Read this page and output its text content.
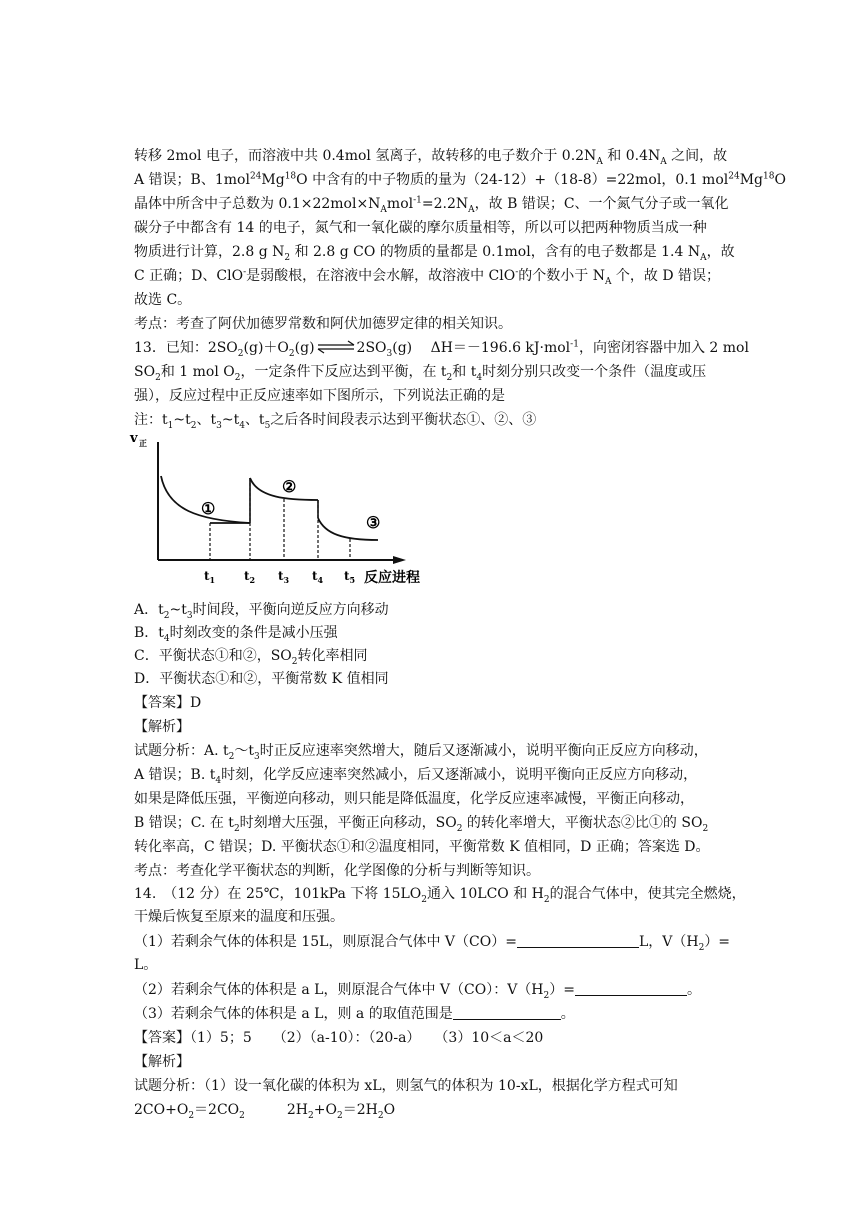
转移 2mol 电子，而溶液中共 0.4mol 氢离子，故转移的电子数介于 $0.2N_A$ 和 $0.4N_A$ 之间，故
A 错误；B、1mol$^{24}$Mg$^{18}$O 中含有的中子物质的量为（24-12）+（18-8）=22mol，0.1 mol$^{24}$Mg$^{18}$O
晶体中所含中子总数为 $0.1\times 22mol\times N_Amol^{-1}=2.2N_A$，故 B 错误；C、一个氮气分子或一氧化
碳分子中都含有 14 的电子，氮气和一氧化碳的摩尔质量相等，所以可以把两种物质当成一种
物质进行计算，2.8 g $N_2$ 和 2.8 g CO 的物质的量都是 0.1mol，含有的电子数都是 1.4 $N_A$，故
C 正确；D、ClO-是弱酸根，在溶液中会水解，故溶液中 ClO-的个数小于 $N_A$ 个，故 D 错误；
故选 C。
考点：考查了阿伏加德罗常数和阿伏加德罗定律的相关知识。
13．已知：$2SO_2(g)+O_2(g)\rightleftharpoons 2SO_3(g)$　 ΔH＝－196.6 kJ·mol$^{-1}$，向密闭容器中加入 2 mol
$SO_2$和 1 mol $O_2$，一定条件下反应达到平衡，在 $t_2$和 $t_4$时刻分别只改变一个条件（温度或压
强），反应过程中正反应速率如下图所示，下列说法正确的是
注：$t_1\sim t_2$、$t_3\sim t_4$、$t_5$之后各时间段表示达到平衡状态①、②、③
A．$t_2\sim t_3$时间段，平衡向逆反应方向移动
B．$t_4$时刻改变的条件是减小压强
C．平衡状态①和②，$SO_2$转化率相同
D．平衡状态①和②，平衡常数 K 值相同
【答案】D
【解析】
试题分析：A. $t_2\sim t_3$时正反应速率突然增大，随后又逐渐减小，说明平衡向正反应方向移动，
A 错误；B. $t_4$时刻，化学反应速率突然减小，后又逐渐减小，说明平衡向正反应方向移动，
如果是降低压强，平衡逆向移动，则只能是降低温度，化学反应速率减慢，平衡正向移动，
B 错误；C. 在 $t_2$时刻增大压强，平衡正向移动，$SO_2$ 的转化率增大，平衡状态②比①的 $SO_2$
转化率高，C 错误；D. 平衡状态①和②温度相同，平衡常数 K 值相同，D 正确；答案选 D。
考点：考查化学平衡状态的判断，化学图像的分析与判断等知识。
14.　（12 分）在 25℃，101kPa 下将 $15LO_2$通入 10LCO 和 $H_2$的混合气体中，使其完全燃烧，
干燥后恢复至原来的温度和压强。
（1）若剩余气体的体积是 15L，则原混合气体中 V（CO）=	L，$V(H_2)=$
L。
（2）若剩余气体的体积是 a L，则原混合气体中 V（CO）：$V(H_2)=$	。
（3）若剩余气体的体积是 a L，则 a 的取值范围是	。
【答案】（1）5；5　　（2）（a-10）：（20-a）　　（3）10＜a＜20
【解析】
试题分析：（1）设一氧化碳的体积为 xL，则氢气的体积为 10-xL，根据化学方程式可知
$2CO+O_2=2CO_2$　　　$2H_2+O_2=2H_2O$
v 正
①
②
③
$t_1$ $t_2$ $t_3$ $t_4$ $t_5$ 反应进程
